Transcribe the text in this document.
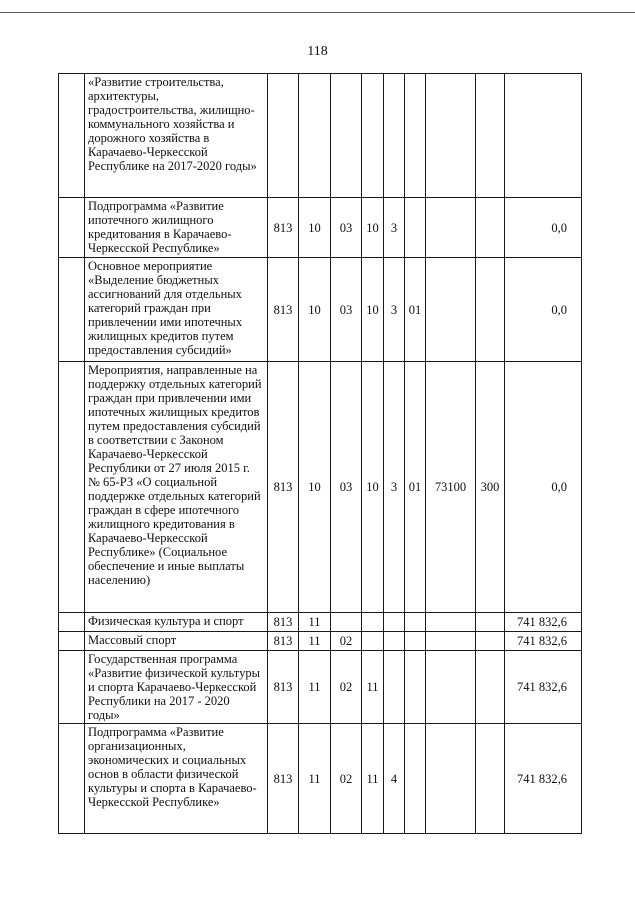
118
	«Развитие строительства, архитектуры, градостроительства, жилищно-коммунального хозяйства и дорожного хозяйства в Карачаево-Черкесской Республике на 2017-2020 годы»									
	Подпрограмма «Развитие ипотечного жилищного кредитования в Карачаево-Черкесской Республике»	813	10	03	10	3				0,0
	Основное мероприятие «Выделение бюджетных ассигнований для отдельных категорий граждан при привлечении ими ипотечных жилищных кредитов путем предоставления субсидий»	813	10	03	10	3	01			0,0
	Мероприятия, направленные на поддержку отдельных категорий граждан при привлечении ими ипотечных жилищных кредитов путем предоставления субсидий в соответствии с Законом Карачаево-Черкесской Республики от 27 июля 2015 г. № 65-РЗ «О социальной поддержке отдельных категорий граждан в сфере ипотечного жилищного кредитования в Карачаево-Черкесской Республике» (Социальное обеспечение и иные выплаты населению)	813	10	03	10	3	01	73100	300	0,0
	Физическая культура и спорт	813	11							741 832,6
	Массовый спорт	813	11	02						741 832,6
	Государственная программа «Развитие физической культуры и спорта Карачаево-Черкесской Республики на 2017 - 2020 годы»	813	11	02	11					741 832,6
	Подпрограмма «Развитие организационных, экономических и социальных основ в области физической культуры и спорта в Карачаево-Черкесской Республике»	813	11	02	11	4				741 832,6
